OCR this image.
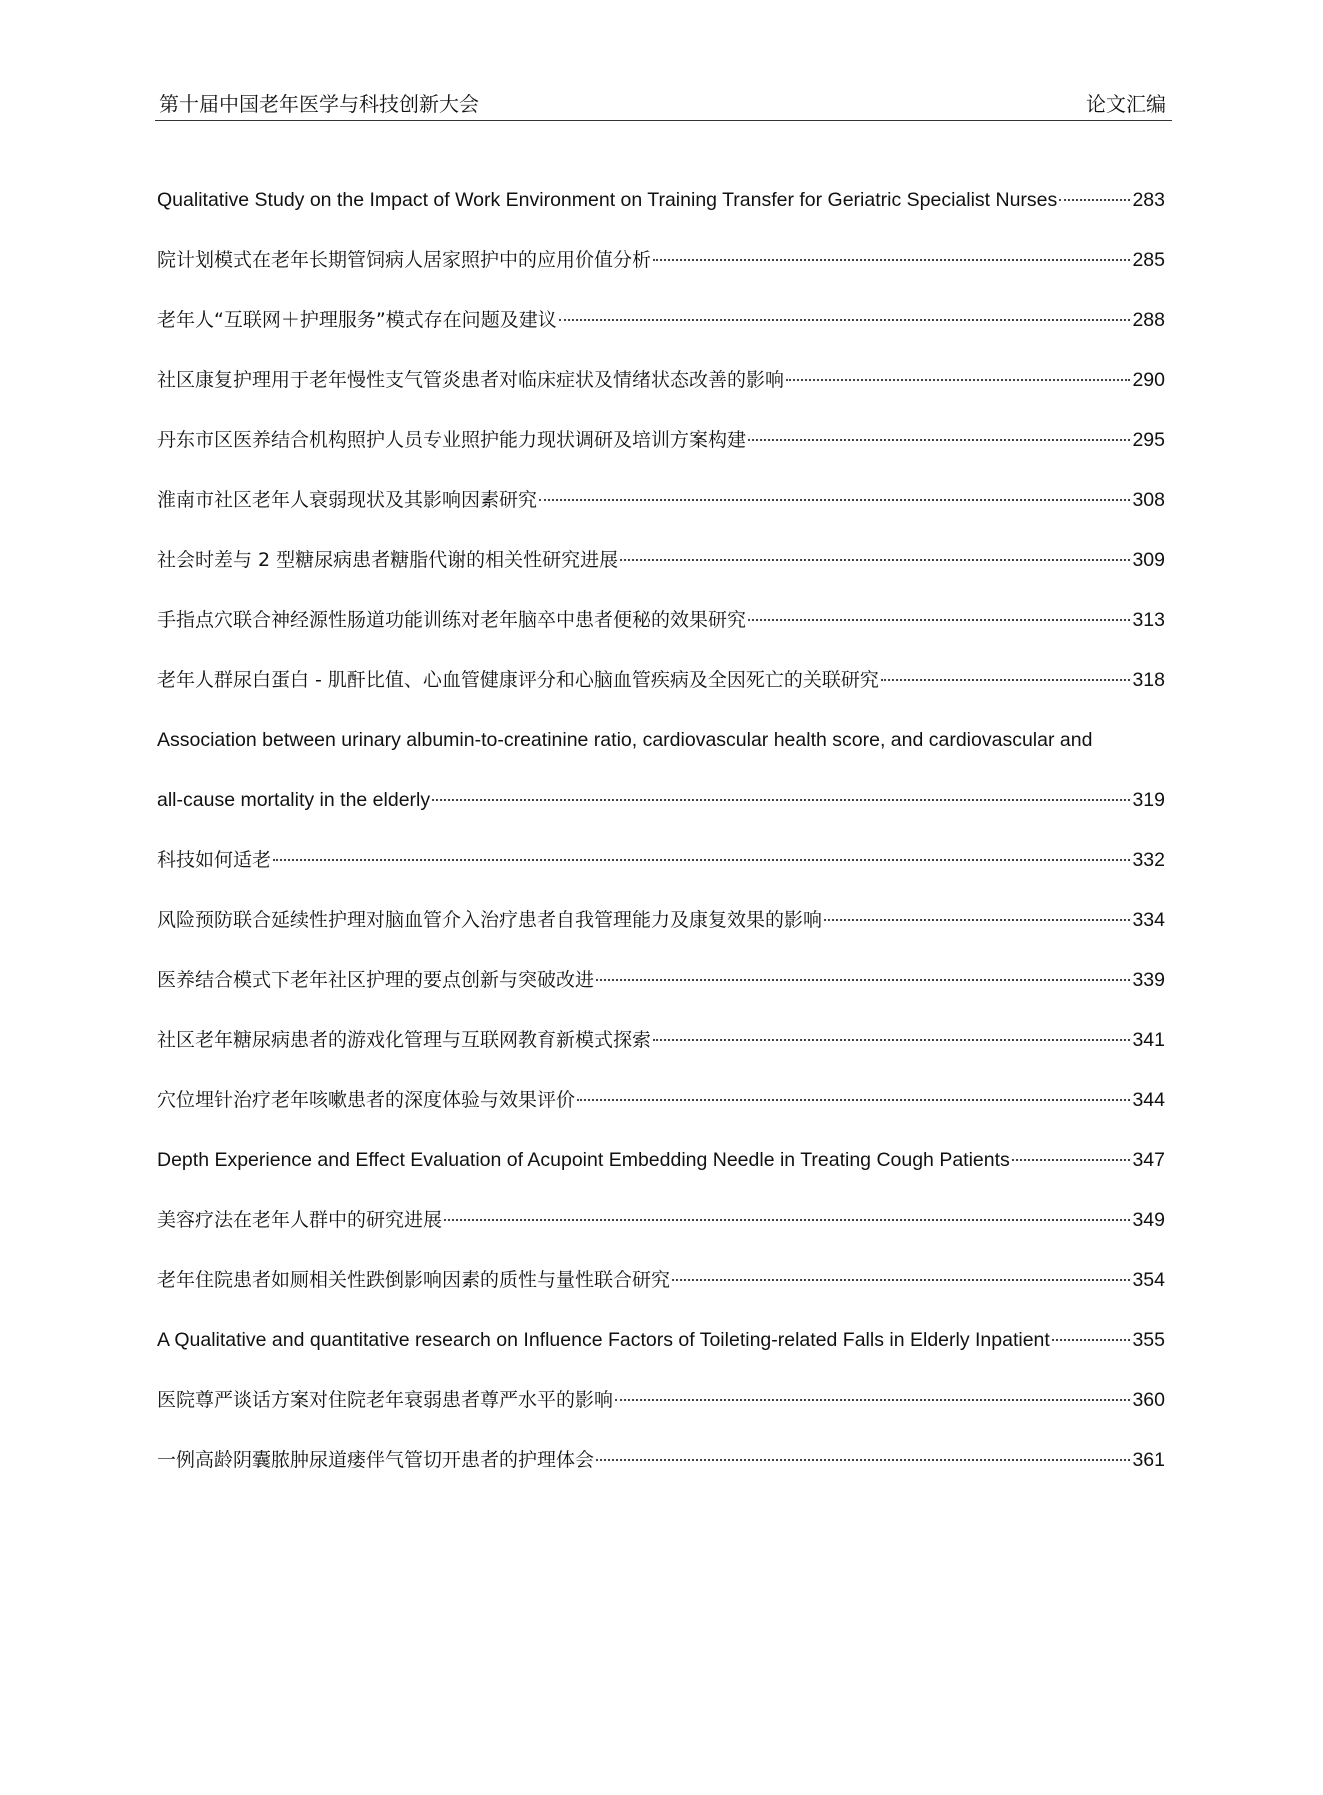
第十届中国老年医学与科技创新大会	论文汇编
Qualitative Study on the Impact of Work Environment on Training Transfer for Geriatric Specialist Nurses	283
院计划模式在老年长期管饲病人居家照护中的应用价值分析	285
老年人“互联网＋护理服务”模式存在问题及建议	288
社区康复护理用于老年慢性支气管炎患者对临床症状及情绪状态改善的影响	290
丹东市区医养结合机构照护人员专业照护能力现状调研及培训方案构建	295
淮南市社区老年人衰弱现状及其影响因素研究	308
社会时差与 2 型糖尿病患者糖脂代谢的相关性研究进展	309
手指点穴联合神经源性肠道功能训练对老年脑卒中患者便秘的效果研究	313
老年人群尿白蛋白 - 肌酐比值、心血管健康评分和心脑血管疾病及全因死亡的关联研究	318
Association between urinary albumin-to-creatinine ratio, cardiovascular health score, and cardiovascular and
all-cause mortality in the elderly	319
科技如何适老	332
风险预防联合延续性护理对脑血管介入治疗患者自我管理能力及康复效果的影响	334
医养结合模式下老年社区护理的要点创新与突破改进	339
社区老年糖尿病患者的游戏化管理与互联网教育新模式探索	341
穴位埋针治疗老年咳嗽患者的深度体验与效果评价	344
Depth Experience and Effect Evaluation of Acupoint Embedding Needle in Treating Cough Patients	347
美容疗法在老年人群中的研究进展	349
老年住院患者如厕相关性跌倒影响因素的质性与量性联合研究	354
A Qualitative and quantitative research on Influence Factors of Toileting-related Falls in Elderly Inpatient	355
医院尊严谈话方案对住院老年衰弱患者尊严水平的影响	360
一例高龄阴囊脓肿尿道瘘伴气管切开患者的护理体会	361
